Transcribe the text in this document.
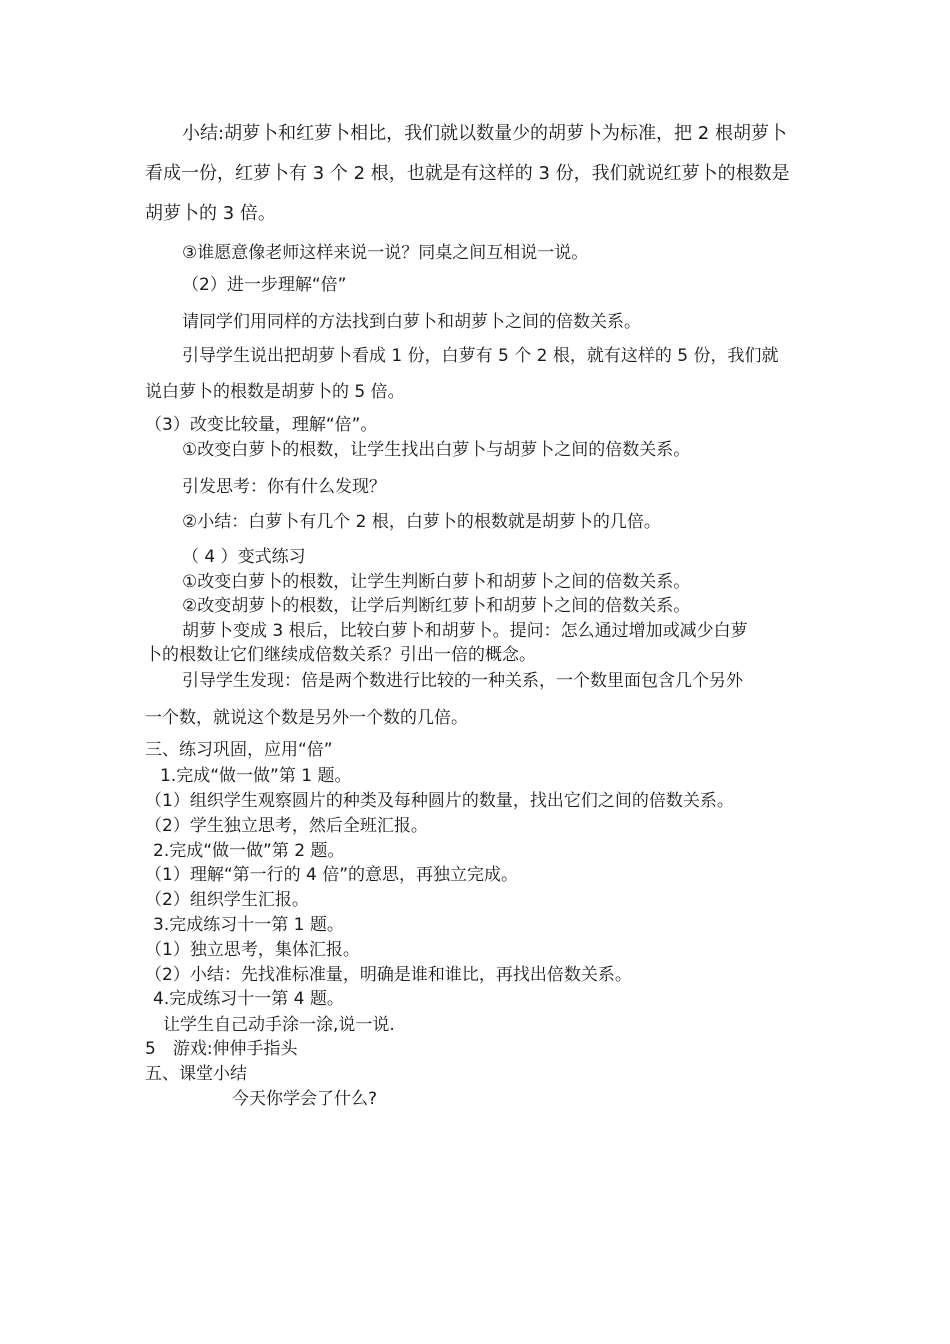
小结:胡萝卜和红萝卜相比，我们就以数量少的胡萝卜为标准，把 2 根胡萝卜
看成一份，红萝卜有 3 个 2 根，也就是有这样的 3 份，我们就说红萝卜的根数是
胡萝卜的 3 倍。
③谁愿意像老师这样来说一说？同桌之间互相说一说。
（2）进一步理解“倍”
请同学们用同样的方法找到白萝卜和胡萝卜之间的倍数关系。
引导学生说出把胡萝卜看成 1 份，白萝有 5 个 2 根，就有这样的 5 份，我们就
说白萝卜的根数是胡萝卜的 5 倍。
（3）改变比较量，理解“倍”。
①改变白萝卜的根数，让学生找出白萝卜与胡萝卜之间的倍数关系。
引发思考：你有什么发现？
②小结：白萝卜有几个 2 根，白萝卜的根数就是胡萝卜的几倍。
（ 4 ）变式练习
①改变白萝卜的根数，让学生判断白萝卜和胡萝卜之间的倍数关系。
②改变胡萝卜的根数，让学后判断红萝卜和胡萝卜之间的倍数关系。
胡萝卜变成 3 根后，比较白萝卜和胡萝卜。提问：怎么通过增加或减少白萝
卜的根数让它们继续成倍数关系？引出一倍的概念。
引导学生发现：倍是两个数进行比较的一种关系，一个数里面包含几个另外
一个数，就说这个数是另外一个数的几倍。
三、练习巩固，应用“倍”
1.完成“做一做”第 1 题。
（1）组织学生观察圆片的种类及每种圆片的数量，找出它们之间的倍数关系。
（2）学生独立思考，然后全班汇报。
2.完成“做一做”第 2 题。
（1）理解“第一行的 4 倍”的意思，再独立完成。
（2）组织学生汇报。
3.完成练习十一第 1 题。
（1）独立思考，集体汇报。
（2）小结：先找准标准量，明确是谁和谁比，再找出倍数关系。
4.完成练习十一第 4 题。
让学生自己动手涂一涂,说一说.
5　游戏:伸伸手指头
五、课堂小结
今天你学会了什么?
